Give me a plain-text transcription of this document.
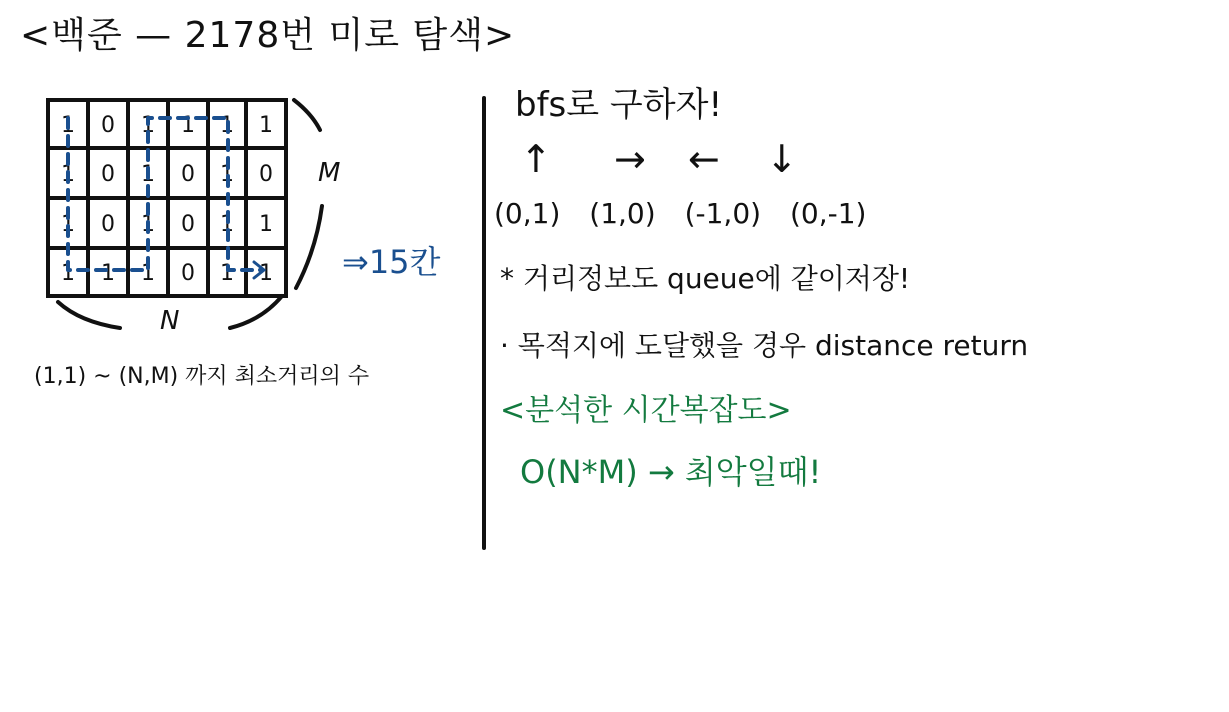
<백준 — 2178번 미로 탐색>
1 0 1 1 1 1
1 0 1 0 1 0
1 0 1 0 1 1
1 1 1 0 1 1
M
N
⇒15칸
(1,1) ~ (N,M) 까지 최소거리의 수
bfs로 구하자!
↑ → ← ↓
(0,1) (1,0) (-1,0) (0,-1)
* 거리정보도 queue에 같이저장!
· 목적지에 도달했을 경우 distance return
<분석한 시간복잡도>
O(N*M) → 최악일때!
